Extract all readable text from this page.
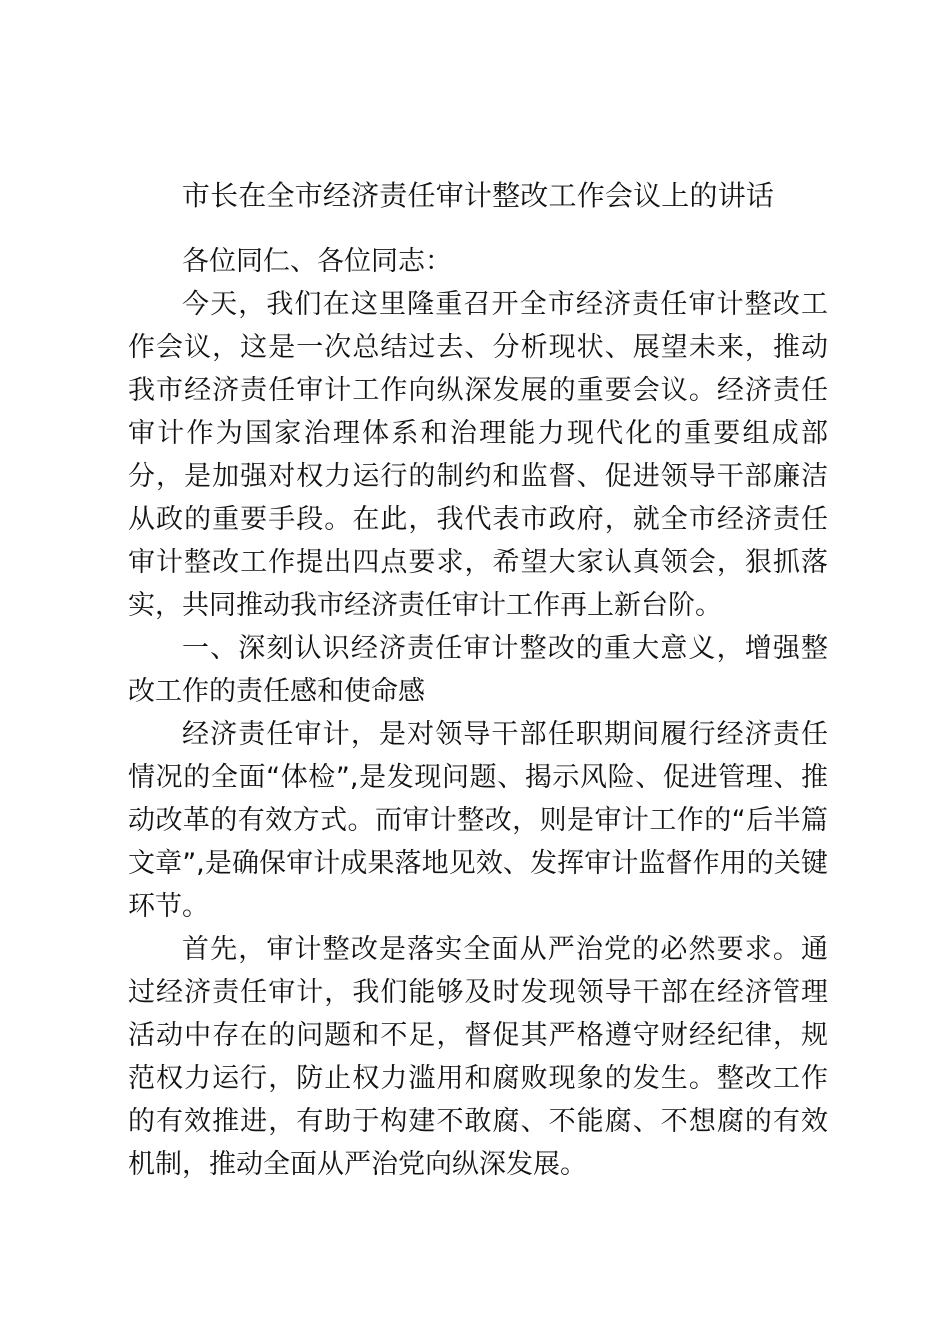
市长在全市经济责任审计整改工作会议上的讲话

各位同仁、各位同志：

今天，我们在这里隆重召开全市经济责任审计整改工作会议，这是一次总结过去、分析现状、展望未来，推动我市经济责任审计工作向纵深发展的重要会议。经济责任审计作为国家治理体系和治理能力现代化的重要组成部分，是加强对权力运行的制约和监督、促进领导干部廉洁从政的重要手段。在此，我代表市政府，就全市经济责任审计整改工作提出四点要求，希望大家认真领会，狠抓落实，共同推动我市经济责任审计工作再上新台阶。

一、深刻认识经济责任审计整改的重大意义，增强整改工作的责任感和使命感

经济责任审计，是对领导干部任职期间履行经济责任情况的全面“体检”,是发现问题、揭示风险、促进管理、推动改革的有效方式。而审计整改，则是审计工作的“后半篇文章”,是确保审计成果落地见效、发挥审计监督作用的关键环节。

首先，审计整改是落实全面从严治党的必然要求。通过经济责任审计，我们能够及时发现领导干部在经济管理活动中存在的问题和不足，督促其严格遵守财经纪律，规范权力运行，防止权力滥用和腐败现象的发生。整改工作的有效推进，有助于构建不敢腐、不能腐、不想腐的有效机制，推动全面从严治党向纵深发展。
